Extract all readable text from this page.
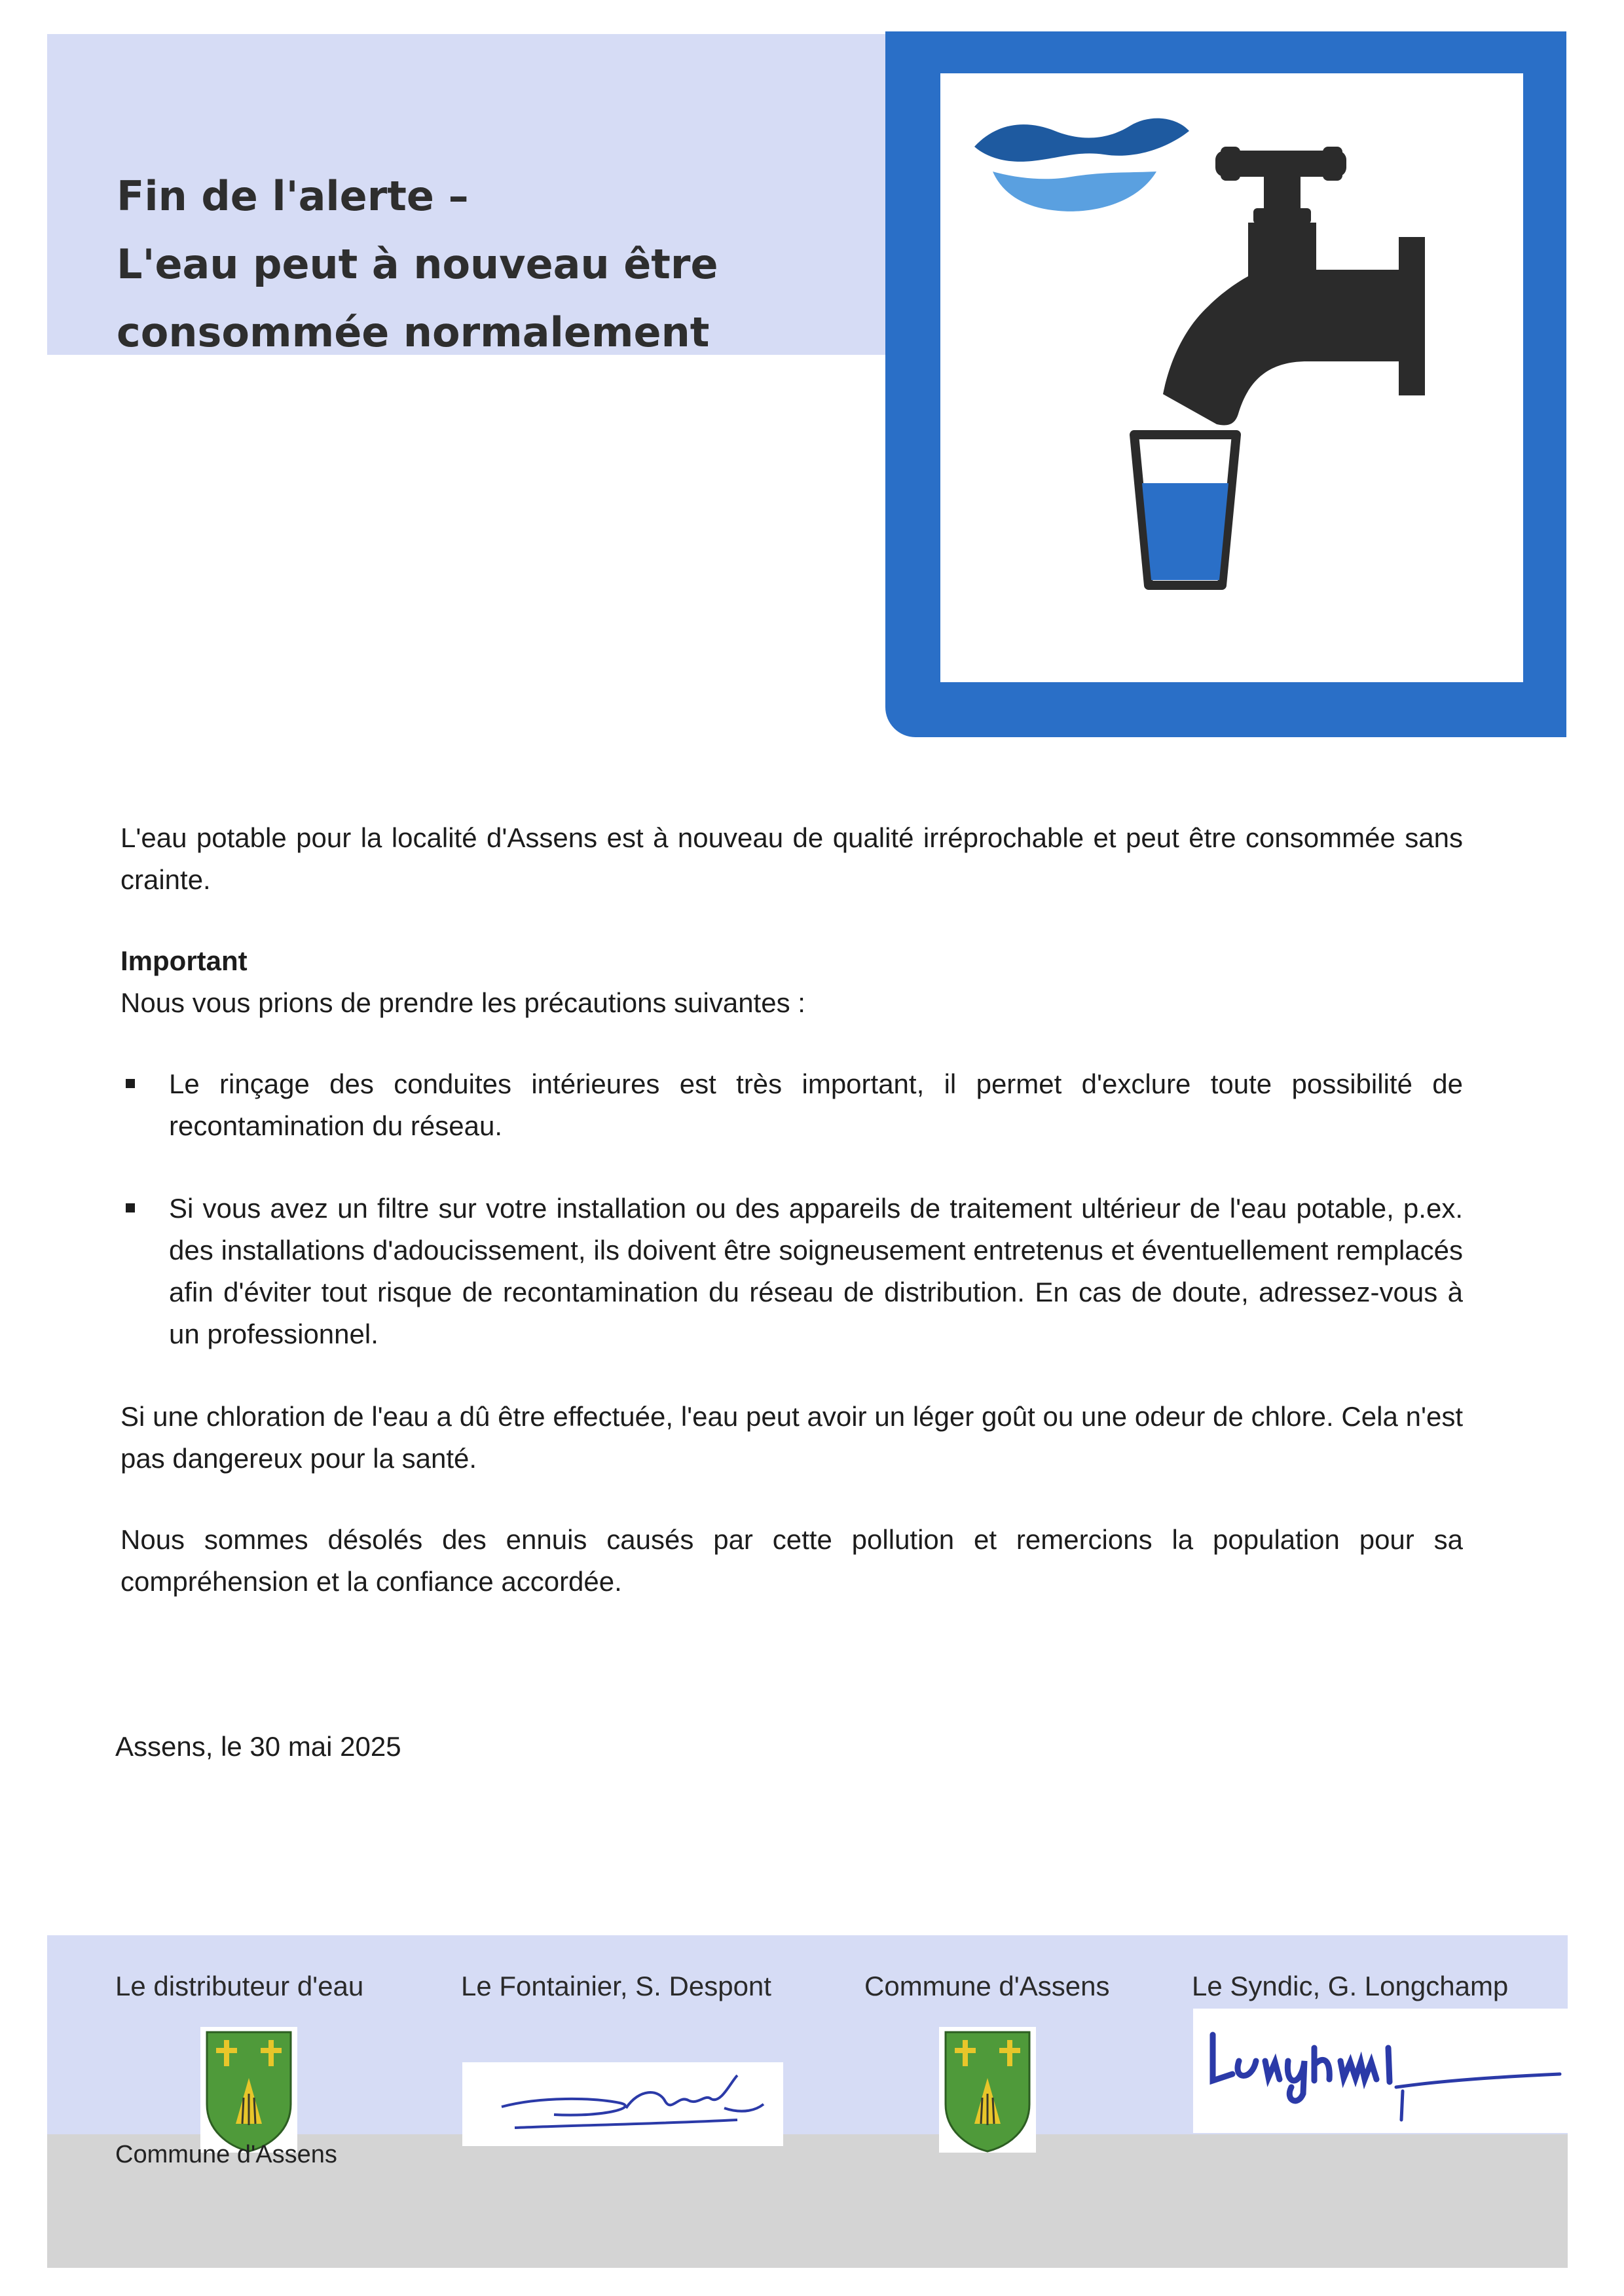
Fin de l'alerte –
L'eau peut à nouveau être
consommée normalement

L'eau potable pour la localité d'Assens est à nouveau de qualité irréprochable et peut être consommée sans crainte.

Important

Nous vous prions de prendre les précautions suivantes :

Le rinçage des conduites intérieures est très important, il permet d'exclure toute possibilité de recontamination du réseau.
Si vous avez un filtre sur votre installation ou des appareils de traitement ultérieur de l'eau potable, p.ex. des installations d'adoucissement, ils doivent être soigneusement entretenus et éventuellement remplacés afin d'éviter tout risque de recontamination du réseau de distribution. En cas de doute, adressez-vous à un professionnel.

Si une chloration de l'eau a dû être effectuée, l'eau peut avoir un léger goût ou une odeur de chlore. Cela n'est pas dangereux pour la santé.

Nous sommes désolés des ennuis causés par cette pollution et remercions la population pour sa compréhension et la confiance accordée.

Assens, le 30 mai 2025
Le distributeur d'eau	Le Fontainier, S. Despont	Commune d'Assens	Le Syndic, G. Longchamp
Commune d'Assens
